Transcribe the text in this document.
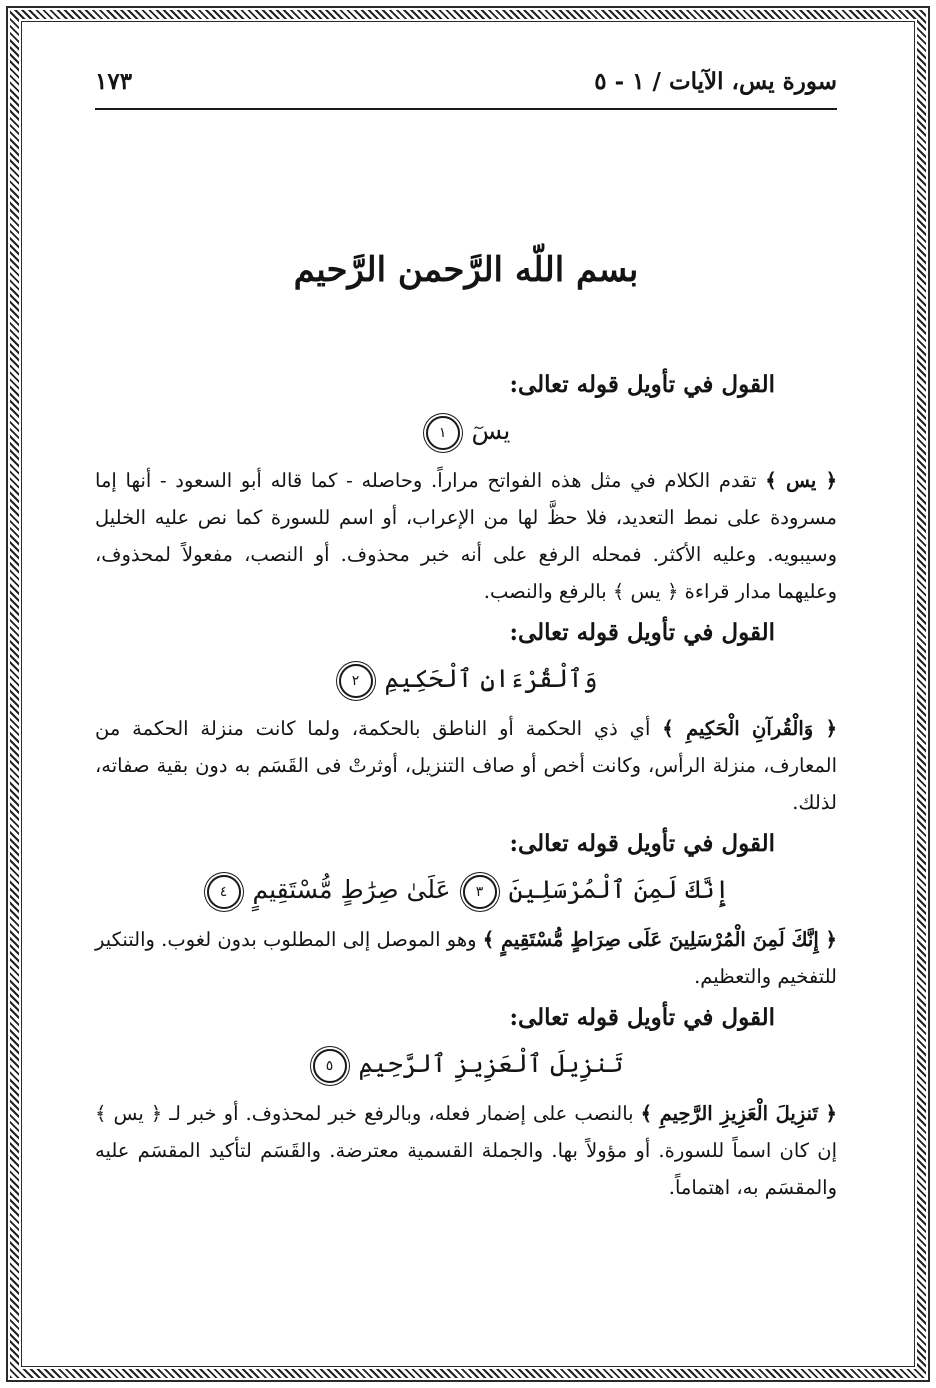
سورة يس، الآيات / ١ - ٥
١٧٣
بسم اللّه الرَّحمن الرَّحيم
القول في تأويل قوله تعالى:
يسٓ ١

﴿ يس ﴾ تقدم الكلام في مثل هذه الفواتح مراراً. وحاصله - كما قاله أبو السعود - أنها إما مسرودة على نمط التعديد، فلا حظَّ لها من الإعراب، أو اسم للسورة كما نص عليه الخليل وسيبويه. وعليه الأكثر. فمحله الرفع على أنه خبر محذوف. أو النصب، مفعولاً لمحذوف، وعليهما مدار قراءة ﴿ يس ﴾ بالرفع والنصب.

القول في تأويل قوله تعالى:
وَٱلْقُرْءَانِ ٱلْحَكِيمِ ٢

﴿ وَالْقُرآنِ الْحَكِيمِ ﴾ أي ذي الحكمة أو الناطق بالحكمة، ولما كانت منزلة الحكمة من المعارف، منزلة الرأس، وكانت أخص أو صاف التنزيل، أوثرتْ فى القَسَم به دون بقية صفاته، لذلك.

القول في تأويل قوله تعالى:
إِنَّكَ لَمِنَ ٱلْمُرْسَلِينَ ٣ عَلَىٰ صِرَٰطٍ مُّسْتَقِيمٍ ٤

﴿ إِنَّكَ لَمِنَ الْمُرْسَلِينَ عَلَى صِرَاطٍ مُّسْتَقِيمٍ ﴾ وهو الموصل إلى المطلوب بدون لغوب. والتنكير للتفخيم والتعظيم.

القول في تأويل قوله تعالى:
تَنزِيلَ ٱلْعَزِيزِ ٱلرَّحِيمِ ٥

﴿ تَنزِيلَ الْعَزِيزِ الرَّحِيمِ ﴾ بالنصب على إضمار فعله، وبالرفع خبر لمحذوف. أو خبر لـ ﴿ يس ﴾ إن كان اسماً للسورة. أو مؤولاً بها. والجملة القسمية معترضة. والقَسَم لتأكيد المقسَم عليه والمقسَم به، اهتماماً.
